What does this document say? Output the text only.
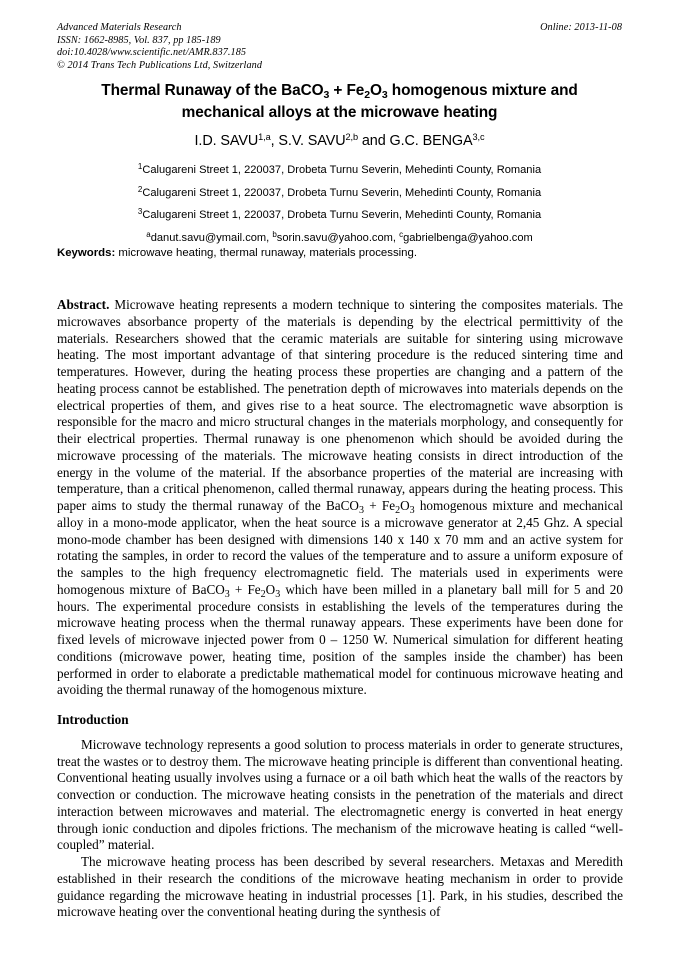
Online: 2013-11-08
Advanced Materials Research
ISSN: 1662-8985, Vol. 837, pp 185-189
doi:10.4028/www.scientific.net/AMR.837.185
© 2014 Trans Tech Publications Ltd, Switzerland
Thermal Runaway of the BaCO$_3$ + $Fe_2O_3$ homogenous mixture and mechanical alloys at the microwave heating
I.D. SAVU$^{1,a}$, S.V. SAVU$^{2,b}$ and G.C. BENGA$^{3,c}$
$^1$Calugareni Street 1, 220037, Drobeta Turnu Severin, Mehedinti County, Romania
$^2$Calugareni Street 1, 220037, Drobeta Turnu Severin, Mehedinti County, Romania
$^3$Calugareni Street 1, 220037, Drobeta Turnu Severin, Mehedinti County, Romania
$^a$danut.savu@ymail.com, $^b$sorin.savu@yahoo.com, $^c$gabrielbenga@yahoo.com
Keywords: microwave heating, thermal runaway, materials processing.
Abstract. Microwave heating represents a modern technique to sintering the composites materials. The microwaves absorbance property of the materials is depending by the electrical permittivity of the materials. Researchers showed that the ceramic materials are suitable for sintering using microwave heating. The most important advantage of that sintering procedure is the reduced sintering time and temperatures. However, during the heating process these properties are changing and a pattern of the heating process cannot be established. The penetration depth of microwaves into materials depends on the electrical properties of them, and gives rise to a heat source. The electromagnetic wave absorption is responsible for the macro and micro structural changes in the materials morphology, and consequently for their electrical properties. Thermal runaway is one phenomenon which should be avoided during the microwave processing of the materials. The microwave heating consists in direct introduction of the energy in the volume of the material. If the absorbance properties of the material are increasing with temperature, than a critical phenomenon, called thermal runaway, appears during the heating process. This paper aims to study the thermal runaway of the BaCO$_3$ + $Fe_2O_3$ homogenous mixture and mechanical alloy in a mono-mode applicator, when the heat source is a microwave generator at 2,45 Ghz. A special mono-mode chamber has been designed with dimensions 140 x 140 x 70 mm and an active system for rotating the samples, in order to record the values of the temperature and to assure a uniform exposure of the samples to the high frequency electromagnetic field. The materials used in experiments were homogenous mixture of BaCO$_3$ + $Fe_2O_3$ which have been milled in a planetary ball mill for 5 and 20 hours. The experimental procedure consists in establishing the levels of the temperatures during the microwave heating process when the thermal runaway appears. These experiments have been done for fixed levels of microwave injected power from 0 – 1250 W. Numerical simulation for different heating conditions (microwave power, heating time, position of the samples inside the chamber) has been performed in order to elaborate a predictable mathematical model for continuous microwave heating and avoiding the thermal runaway of the homogenous mixture.
Introduction

Microwave technology represents a good solution to process materials in order to generate structures, treat the wastes or to destroy them. The microwave heating principle is different than conventional heating. Conventional heating usually involves using a furnace or a oil bath which heat the walls of the reactors by convection or conduction. The microwave heating consists in the penetration of the materials and direct interaction between microwaves and material. The electromagnetic energy is converted in heat energy through ionic conduction and dipoles frictions. The mechanism of the microwave heating is called “well-coupled” material.

The microwave heating process has been described by several researchers. Metaxas and Meredith established in their research the conditions of the microwave heating mechanism in order to provide guidance regarding the microwave heating in industrial processes [1]. Park, in his studies, described the microwave heating over the conventional heating during the synthesis of
